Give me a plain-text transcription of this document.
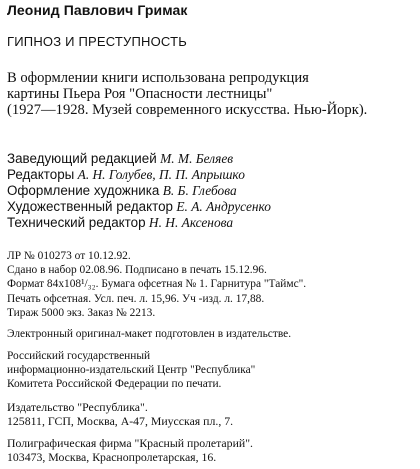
Леонид Павлович Гримак
ГИПНОЗ И ПРЕСТУПНОСТЬ
В оформлении книги использована репродукция
картины Пьера Роя "Опасности лестницы"
(1927—1928. Музей современного искусства. Нью-Йорк).
Заведующий редакцией М. М. Беляев
Редакторы А. Н. Голубев, П. П. Апрышко
Оформление художника В. Б. Глебова
Художественный редактор Е. А. Андрусенко
Технический редактор Н. Н. Аксенова
ЛР № 010273 от 10.12.92.
Сдано в набор 02.08.96. Подписано в печать 15.12.96.
Формат 84х108¹/₃₂. Бумага офсетная № 1. Гарнитура "Таймс".
Печать офсетная. Усл. печ. л. 15,96. Уч -изд. л. 17,88.
Тираж 5000 экз. Заказ № 2213.
Электронный оригинал-макет подготовлен в издательстве.
Российский государственный
информационно-издательский Центр "Республика"
Комитета Российской Федерации по печати.
Издательство "Республика".
125811, ГСП, Москва, А-47, Миусская пл., 7.
Полиграфическая фирма "Красный пролетарий".
103473, Москва, Краснопролетарская, 16.
